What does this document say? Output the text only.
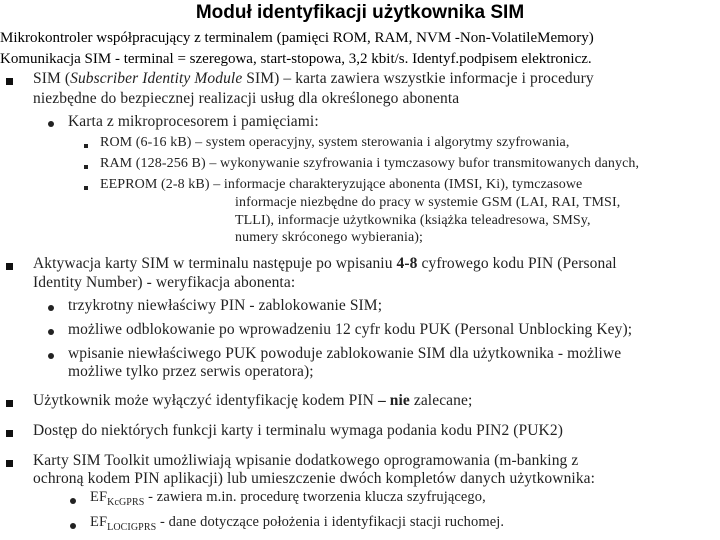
Moduł identyfikacji użytkownika SIM
Mikrokontroler współpracujący z terminalem (pamięci ROM, RAM, NVM -Non-VolatileMemory)
Komunikacja SIM - terminal = szeregowa, start-stopowa, 3,2 kbit/s. Identyf.podpisem elektronicz.
SIM (Subscriber Identity Module SIM) – karta zawiera wszystkie informacje i procedury
niezbędne do bezpiecznej realizacji usług dla określonego abonenta
Karta z mikroprocesorem i pamięciami:
ROM (6-16 kB) – system operacyjny, system sterowania i algorytmy szyfrowania,
RAM (128-256 B) – wykonywanie szyfrowania i tymczasowy bufor transmitowanych danych,
EEPROM (2-8 kB) – informacje charakteryzujące abonenta (IMSI, Ki), tymczasowe
informacje niezbędne do pracy w systemie GSM (LAI, RAI, TMSI,
TLLI), informacje użytkownika (książka teleadresowa, SMSy,
numery skróconego wybierania);
Aktywacja karty SIM w terminalu następuje po wpisaniu 4-8 cyfrowego kodu PIN (Personal
Identity Number) - weryfikacja abonenta:
trzykrotny niewłaściwy PIN - zablokowanie SIM;
możliwe odblokowanie po wprowadzeniu 12 cyfr kodu PUK (Personal Unblocking Key);
wpisanie niewłaściwego PUK powoduje zablokowanie SIM dla użytkownika - możliwe
możliwe tylko przez serwis operatora);
Użytkownik może wyłączyć identyfikację kodem PIN – nie zalecane;
Dostęp do niektórych funkcji karty i terminalu wymaga podania kodu PIN2 (PUK2)
Karty SIM Toolkit umożliwiają wpisanie dodatkowego oprogramowania (m-banking z
ochroną kodem PIN aplikacji) lub umieszczenie dwóch kompletów danych użytkownika:
$EF_{KcGPRS}$ - zawiera m.in. procedurę tworzenia klucza szyfrującego,
$EF_{LOCIGPRS}$ - dane dotyczące położenia i identyfikacji stacji ruchomej.
